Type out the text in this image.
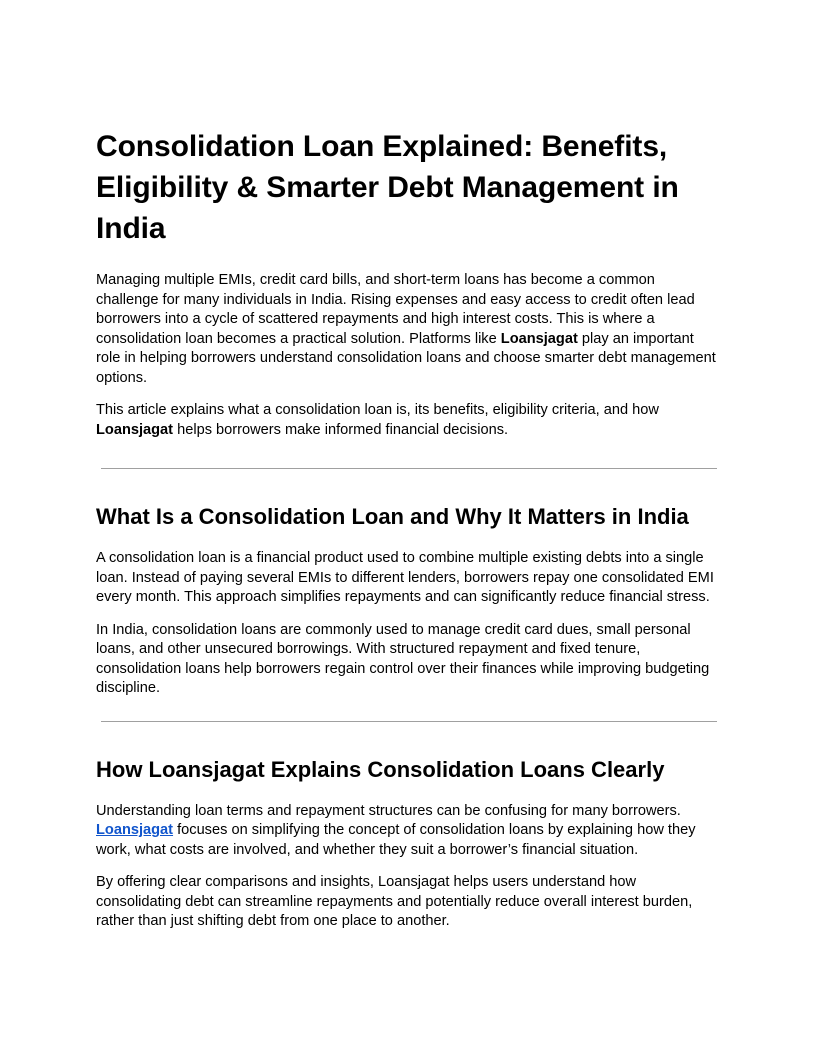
Consolidation Loan Explained: Benefits, Eligibility & Smarter Debt Management in India

Managing multiple EMIs, credit card bills, and short-term loans has become a common challenge for many individuals in India. Rising expenses and easy access to credit often lead borrowers into a cycle of scattered repayments and high interest costs. This is where a consolidation loan becomes a practical solution. Platforms like Loansjagat play an important role in helping borrowers understand consolidation loans and choose smarter debt management options.

This article explains what a consolidation loan is, its benefits, eligibility criteria, and how Loansjagat helps borrowers make informed financial decisions.

What Is a Consolidation Loan and Why It Matters in India

A consolidation loan is a financial product used to combine multiple existing debts into a single loan. Instead of paying several EMIs to different lenders, borrowers repay one consolidated EMI every month. This approach simplifies repayments and can significantly reduce financial stress.

In India, consolidation loans are commonly used to manage credit card dues, small personal loans, and other unsecured borrowings. With structured repayment and fixed tenure, consolidation loans help borrowers regain control over their finances while improving budgeting discipline.

How Loansjagat Explains Consolidation Loans Clearly

Understanding loan terms and repayment structures can be confusing for many borrowers. Loansjagat focuses on simplifying the concept of consolidation loans by explaining how they work, what costs are involved, and whether they suit a borrower’s financial situation.

By offering clear comparisons and insights, Loansjagat helps users understand how consolidating debt can streamline repayments and potentially reduce overall interest burden, rather than just shifting debt from one place to another.
